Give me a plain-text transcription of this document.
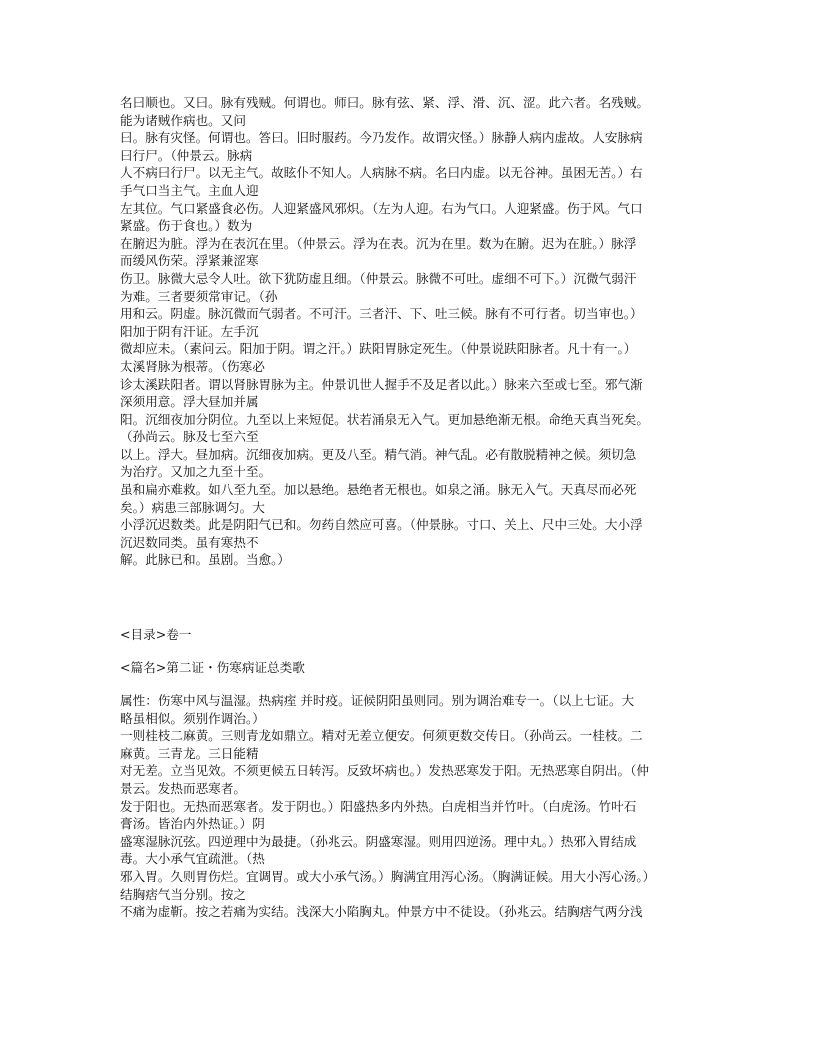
名曰顺也。又曰。脉有残贼。何谓也。师曰。脉有弦、紧、浮、滑、沉、涩。此六者。名残贼。

能为诸贼作病也。又问

曰。脉有灾怪。何谓也。答曰。旧时服药。今乃发作。故谓灾怪。）脉静人病内虚故。人安脉病

曰行尸。（仲景云。脉病

人不病曰行尸。以无主气。故眩仆不知人。人病脉不病。名曰内虚。以无谷神。虽困无苦。）右

手气口当主气。主血人迎

左其位。气口紧盛食必伤。人迎紧盛风邪炽。（左为人迎。右为气口。人迎紧盛。伤于风。气口

紧盛。伤于食也。）数为

在腑迟为脏。浮为在表沉在里。（仲景云。浮为在表。沉为在里。数为在腑。迟为在脏。）脉浮

而缓风伤荣。浮紧兼涩寒

伤卫。脉微大忌令人吐。欲下犹防虚且细。（仲景云。脉微不可吐。虚细不可下。）沉微气弱汗

为难。三者要须常审记。（孙

用和云。阴虚。脉沉微而气弱者。不可汗。三者汗、下、吐三候。脉有不可行者。切当审也。）

阳加于阴有汗证。左手沉

微却应未。（素问云。阳加于阴。谓之汗。）趺阳胃脉定死生。（仲景说趺阳脉者。凡十有一。）

太溪肾脉为根蒂。（伤寒必

诊太溪趺阳者。谓以肾脉胃脉为主。仲景讥世人握手不及足者以此。）脉来六至或七至。邪气渐

深须用意。浮大昼加并属

阳。沉细夜加分阴位。九至以上来短促。状若涌泉无入气。更加悬绝渐无根。命绝天真当死矣。

（孙尚云。脉及七至六至

以上。浮大。昼加病。沉细夜加病。更及八至。精气消。神气乱。必有散脱精神之候。须切急

为治疗。又加之九至十至。

虽和扁亦难救。如八至九至。加以悬绝。悬绝者无根也。如泉之涌。脉无入气。天真尽而必死

矣。）病患三部脉调匀。大

小浮沉迟数类。此是阴阳气已和。勿药自然应可喜。（仲景脉。寸口、关上、尺中三处。大小浮

沉迟数同类。虽有寒热不

解。此脉已和。虽剧。当愈。）

<目录>卷一

<篇名>第二证・伤寒病证总类歌

属性：伤寒中风与温湿。热病痓 并时疫。证候阴阳虽则同。别为调治难专一。（以上七证。大

略虽相似。须别作调治。）

一则桂枝二麻黄。三则青龙如鼎立。精对无差立便安。何须更数交传日。（孙尚云。一桂枝。二

麻黄。三青龙。三日能精

对无差。立当见效。不须更候五日转泻。反致坏病也。）发热恶寒发于阳。无热恶寒自阴出。（仲

景云。发热而恶寒者。

发于阳也。无热而恶寒者。发于阴也。）阳盛热多内外热。白虎相当并竹叶。（白虎汤。竹叶石

膏汤。皆治内外热证。）阴

盛寒湿脉沉弦。四逆理中为最捷。（孙兆云。阴盛寒湿。则用四逆汤。理中丸。）热邪入胃结成

毒。大小承气宜疏泄。（热

邪入胃。久则胃伤烂。宜调胃。或大小承气汤。）胸满宜用泻心汤。（胸满证候。用大小泻心汤。）

结胸痞气当分别。按之

不痛为虚靳。按之若痛为实结。浅深大小陷胸丸。仲景方中不徒设。（孙兆云。结胸痞气两分浅
